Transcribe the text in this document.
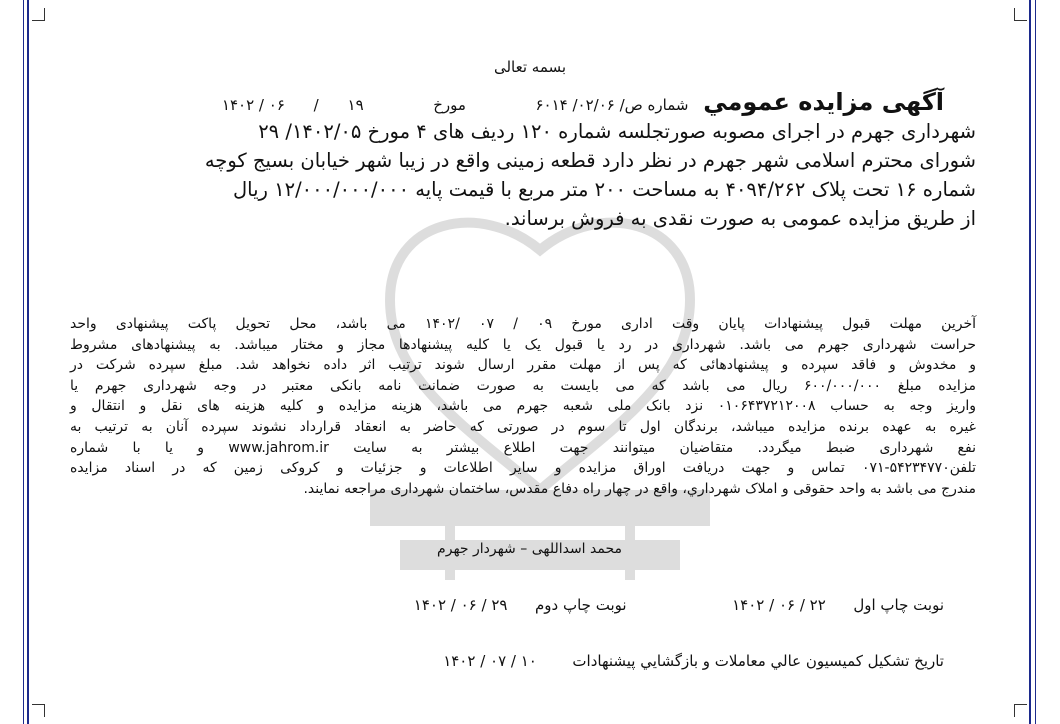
بسمه تعالی
آگهی مزایده عمومي شماره ص/ ۰۲/۰۶/ ۶۰۱۴  مورخ  ۱۹ / ۰۶ / ۱۴۰۲
شهرداری جهرم در اجرای مصوبه صورتجلسه شماره ۱۲۰ ردیف های ۴ مورخ ۱۴۰۲/۰۵/ ۲۹
شورای محترم اسلامی شهر جهرم در نظر دارد قطعه زمینی واقع در زیبا شهر خیابان بسیج کوچه
شماره ۱۶ تحت پلاک ۴۰۹۴/۲۶۲ به مساحت ۲۰۰ متر مربع با قیمت پایه ۱۲/۰۰۰/۰۰۰/۰۰۰ ریال
از طریق مزایده عمومی به صورت نقدی به فروش برساند.
آخرین مهلت قبول پیشنهادات پایان وقت اداری مورخ ۰۹ / ۰۷ /۱۴۰۲ می باشد، محل تحویل پاکت پیشنهادی واحد
حراست شهرداری جهرم می باشد. شهرداری در رد یا قبول یک یا کلیه پیشنهادها مجاز و مختار میباشد. به پیشنهادهای مشروط
و مخدوش و فاقد سپرده و پیشنهادهائی که پس از مهلت مقرر ارسال شوند ترتیب اثر داده نخواهد شد. مبلغ سپرده شرکت در
مزایده مبلغ ۶۰۰/۰۰۰/۰۰۰ ریال می باشد که می بایست به صورت ضمانت نامه بانکی معتبر در وجه شهرداری جهرم یا
واریز وجه به حساب ۰۱۰۶۴۳۷۲۱۲۰۰۸ نزد بانک ملی شعبه جهرم می باشد، هزینه مزایده و کلیه هزینه های نقل و انتقال و
غیره به عهده برنده مزایده میباشد، برندگان اول تا سوم در صورتی که حاضر به انعقاد قرارداد نشوند سپرده آنان به ترتیب به
نفع شهرداری ضبط میگردد. متقاضیان میتوانند جهت اطلاع بیشتر به سایت www.jahrom.ir و یا با شماره
تلفن۵۴۲۳۴۷۷۰-۰۷۱ تماس و جهت دریافت اوراق مزایده و سایر اطلاعات و جزئیات و کروکی زمین که در اسناد مزایده
مندرج می باشد به واحد حقوقی و املاک شهرداري، واقع در چهار راه دفاع مقدس، ساختمان شهرداری مراجعه نمایند.
محمد اسداللهی – شهردار جهرم
نوبت چاپ اول  ۲۲ / ۰۶ / ۱۴۰۲  نوبت چاپ دوم  ۲۹ / ۰۶ / ۱۴۰۲
تاریخ تشکیل کمیسیون عالي معاملات و بازگشايي پيشنهادات  ۱۰ / ۰۷ / ۱۴۰۲
